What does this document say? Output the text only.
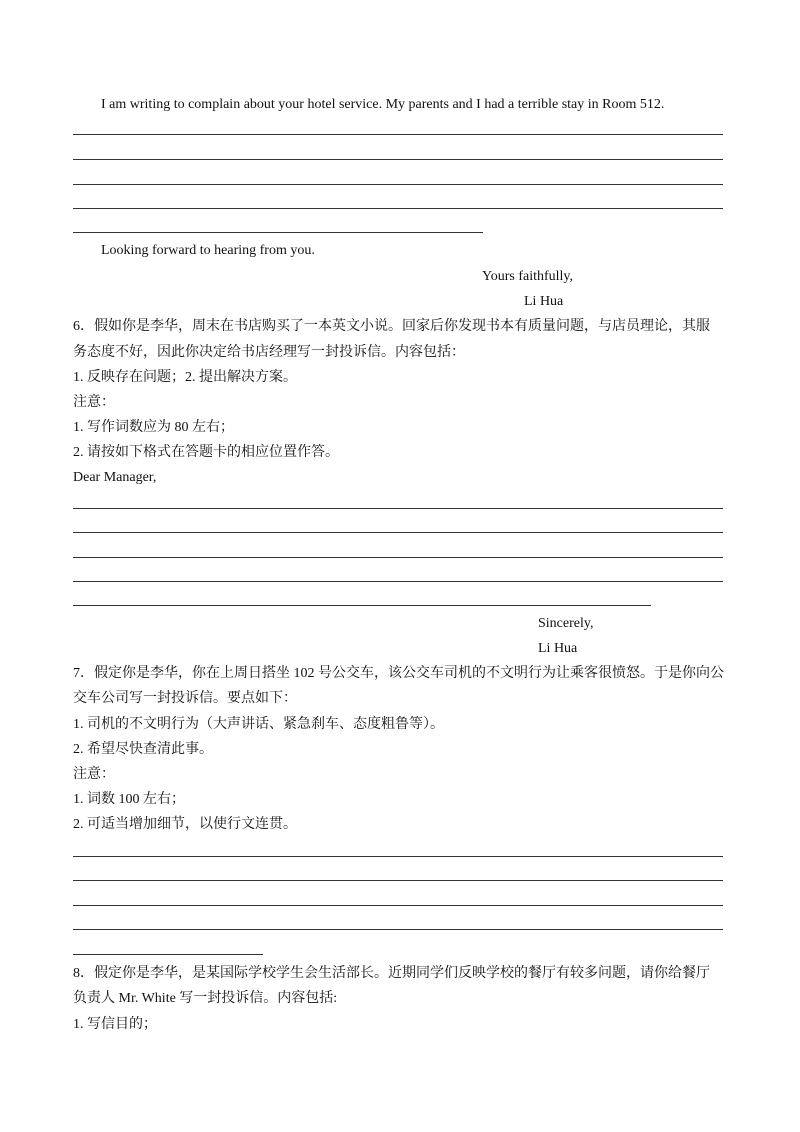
I am writing to complain about your hotel service. My parents and I had a terrible stay in Room 512.
Looking forward to hearing from you.
Yours faithfully,
Li Hua
6．假如你是李华，周末在书店购买了一本英文小说。回家后你发现书本有质量问题，与店员理论，其服
务态度不好，因此你决定给书店经理写一封投诉信。内容包括：
1. 反映存在问题；2. 提出解决方案。
注意：
1. 写作词数应为 80 左右；
2. 请按如下格式在答题卡的相应位置作答。
Dear Manager,
Sincerely,
Li Hua
7．假定你是李华，你在上周日搭坐 102 号公交车，该公交车司机的不文明行为让乘客很愤怒。于是你向公
交车公司写一封投诉信。要点如下：
1. 司机的不文明行为（大声讲话、紧急刹车、态度粗鲁等）。
2. 希望尽快查清此事。
注意：
1. 词数 100 左右；
2. 可适当增加细节，以使行文连贯。
8．假定你是李华，是某国际学校学生会生活部长。近期同学们反映学校的餐厅有较多问题，请你给餐厅
负责人 Mr. White 写一封投诉信。内容包括:
1. 写信目的；
